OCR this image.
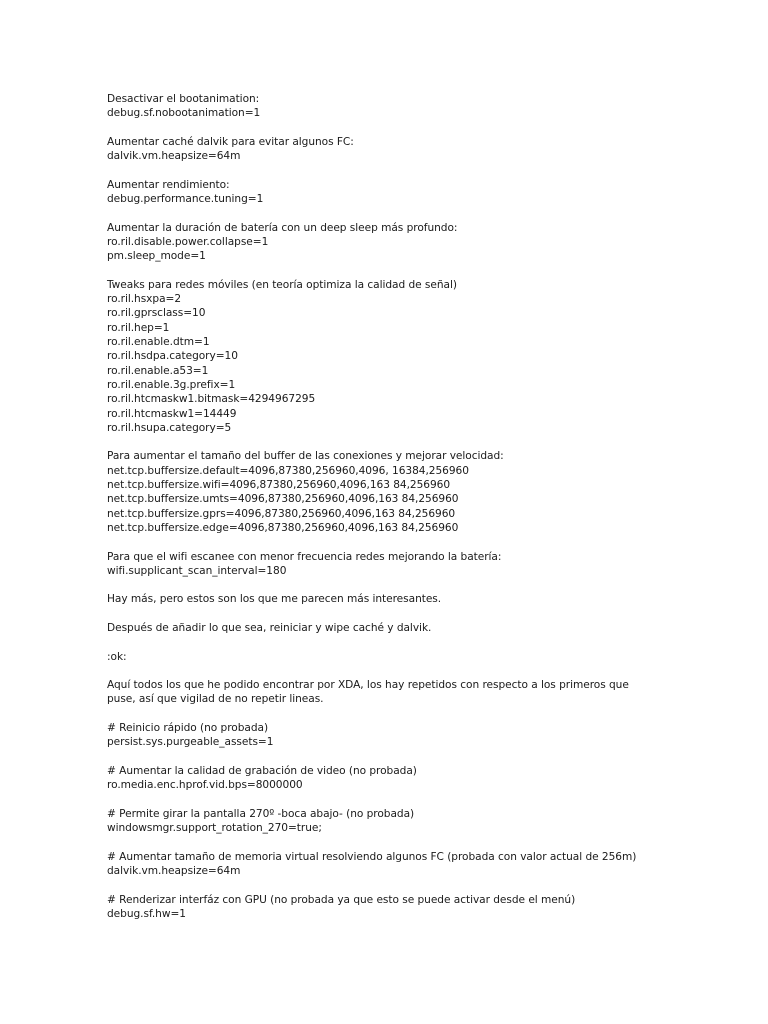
Desactivar el bootanimation:
debug.sf.nobootanimation=1
Aumentar caché dalvik para evitar algunos FC:
dalvik.vm.heapsize=64m
Aumentar rendimiento:
debug.performance.tuning=1
Aumentar la duración de batería con un deep sleep más profundo:
ro.ril.disable.power.collapse=1
pm.sleep_mode=1
Tweaks para redes móviles (en teoría optimiza la calidad de señal)
ro.ril.hsxpa=2
ro.ril.gprsclass=10
ro.ril.hep=1
ro.ril.enable.dtm=1
ro.ril.hsdpa.category=10
ro.ril.enable.a53=1
ro.ril.enable.3g.prefix=1
ro.ril.htcmaskw1.bitmask=4294967295
ro.ril.htcmaskw1=14449
ro.ril.hsupa.category=5
Para aumentar el tamaño del buffer de las conexiones y mejorar velocidad:
net.tcp.buffersize.default=4096,87380,256960,4096, 16384,256960
net.tcp.buffersize.wifi=4096,87380,256960,4096,163 84,256960
net.tcp.buffersize.umts=4096,87380,256960,4096,163 84,256960
net.tcp.buffersize.gprs=4096,87380,256960,4096,163 84,256960
net.tcp.buffersize.edge=4096,87380,256960,4096,163 84,256960
Para que el wifi escanee con menor frecuencia redes mejorando la batería:
wifi.supplicant_scan_interval=180
Hay más, pero estos son los que me parecen más interesantes.
Después de añadir lo que sea, reiniciar y wipe caché y dalvik.
:ok:
Aquí todos los que he podido encontrar por XDA, los hay repetidos con respecto a los primeros que
puse, así que vigilad de no repetir lineas.
# Reinicio rápido (no probada)
persist.sys.purgeable_assets=1
# Aumentar la calidad de grabación de video (no probada)
ro.media.enc.hprof.vid.bps=8000000
# Permite girar la pantalla 270º -boca abajo- (no probada)
windowsmgr.support_rotation_270=true;
# Aumentar tamaño de memoria virtual resolviendo algunos FC (probada con valor actual de 256m)
dalvik.vm.heapsize=64m
# Renderizar interfáz con GPU (no probada ya que esto se puede activar desde el menú)
debug.sf.hw=1
